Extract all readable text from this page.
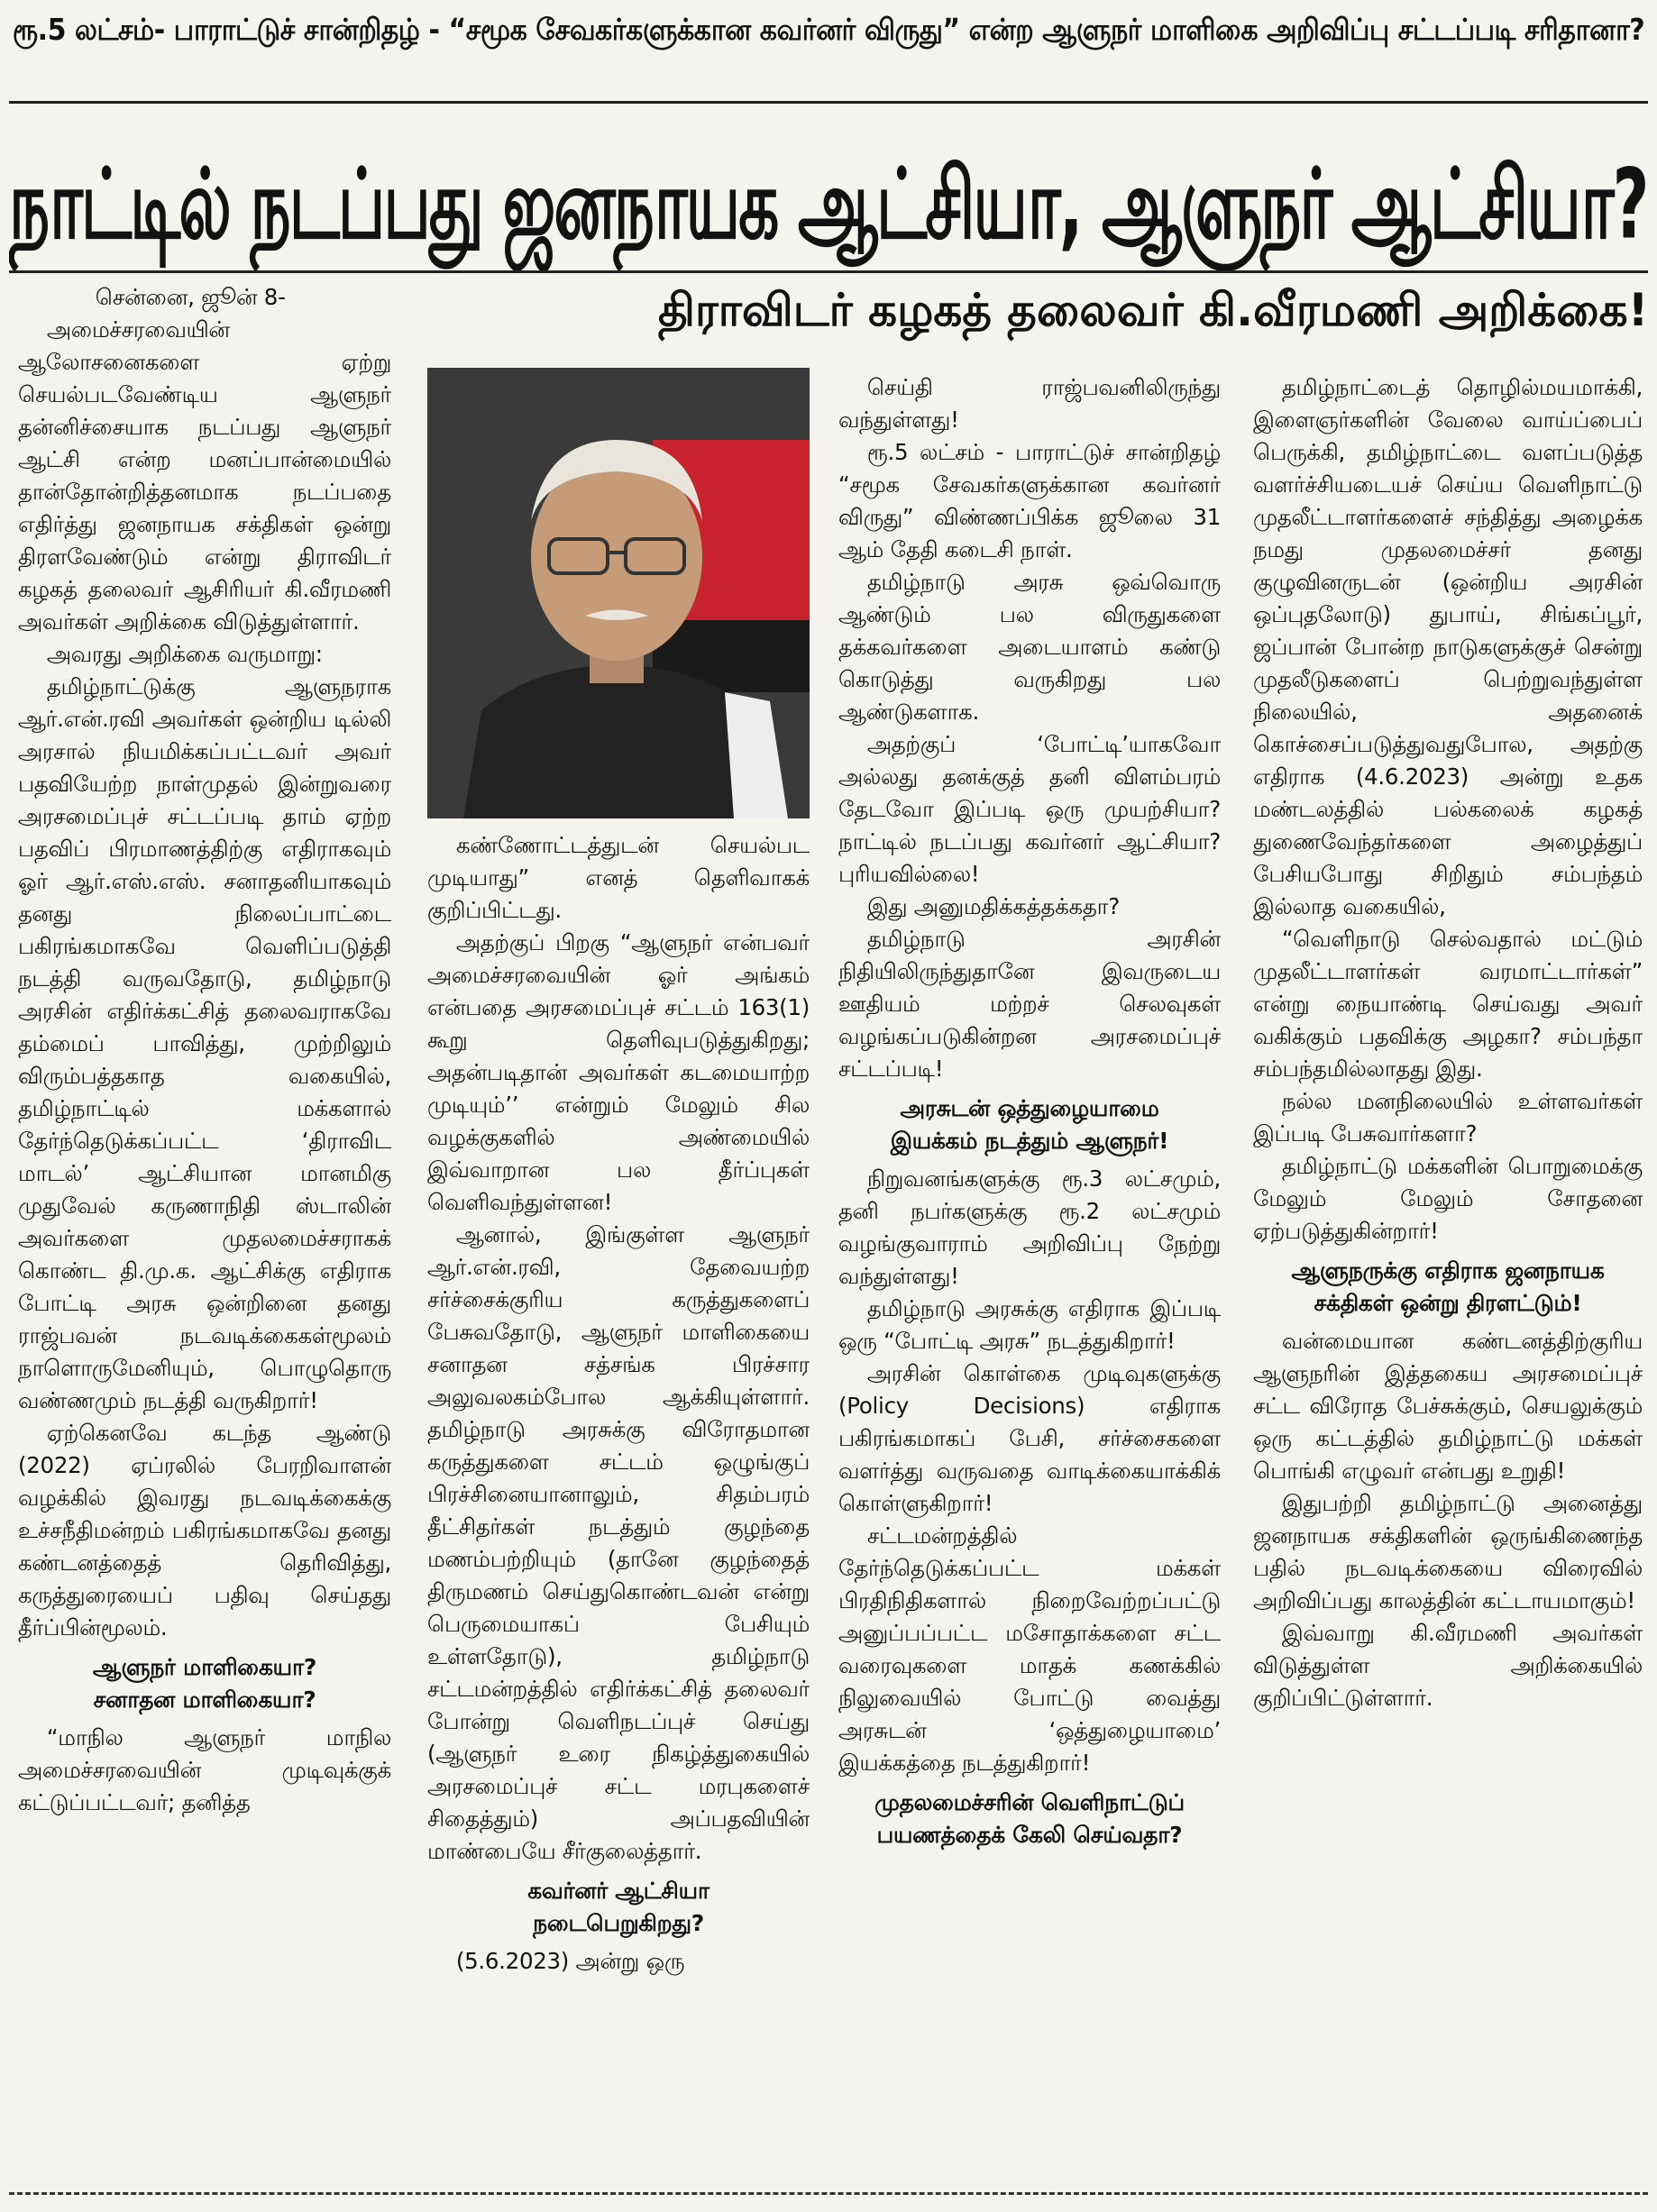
ரூ.5 லட்சம்- பாராட்டுச் சான்றிதழ் - “சமூக சேவகர்களுக்கான கவர்னர் விருது” என்ற ஆளுநர் மாளிகை அறிவிப்பு சட்டப்படி சரிதானா?
நாட்டில் நடப்பது ஜனநாயக ஆட்சியா, ஆளுநர் ஆட்சியா?
திராவிடர் கழகத் தலைவர் கி.வீரமணி அறிக்கை!

சென்னை, ஜூன் 8-

அமைச்சரவையின் ஆலோசனைகளை ஏற்று செயல்படவேண்டிய ஆளுநர் தன்னிச்சையாக நடப்பது ஆளுநர் ஆட்சி என்ற மனப்பான்மையில் தான்தோன்றித்தனமாக நடப்பதை எதிர்த்து ஜனநாயக சக்திகள் ஒன்று திரளவேண்டும் என்று திராவிடர் கழகத் தலைவர் ஆசிரியர் கி.வீரமணி அவர்கள் அறிக்கை விடுத்துள்ளார்.

அவரது அறிக்கை வருமாறு:

தமிழ்நாட்டுக்கு ஆளுநராக ஆர்.என்.ரவி அவர்கள் ஒன்றிய டில்லி அரசால் நியமிக்கப்பட்டவர் அவர் பதவியேற்ற நாள்முதல் இன்றுவரை அரசமைப்புச் சட்டப்படி தாம் ஏற்ற பதவிப் பிரமாணத்திற்கு எதிராகவும் ஓர் ஆர்.எஸ்.எஸ். சனாதனியாகவும் தனது நிலைப்பாட்டை பகிரங்கமாகவே வெளிப்படுத்தி நடத்தி வருவதோடு, தமிழ்நாடு அரசின் எதிர்க்கட்சித் தலைவராகவே தம்மைப் பாவித்து, முற்றிலும் விரும்பத்தகாத வகையில், தமிழ்நாட்டில் மக்களால் தேர்ந்தெடுக்கப்பட்ட ‘திராவிட மாடல்’ ஆட்சியான மானமிகு முதுவேல் கருணாநிதி ஸ்டாலின் அவர்களை முதலமைச்சராகக் கொண்ட தி.மு.க. ஆட்சிக்கு எதிராக போட்டி அரசு ஒன்றினை தனது ராஜ்பவன் நடவடிக்கைகள்மூலம் நாளொருமேனியும், பொழுதொரு வண்ணமும் நடத்தி வருகிறார்!

ஏற்கெனவே கடந்த ஆண்டு (2022) ஏப்ரலில் பேரறிவாளன் வழக்கில் இவரது நடவடிக்கைக்கு உச்சநீதிமன்றம் பகிரங்கமாகவே தனது கண்டனத்தைத் தெரிவித்து, கருத்துரையைப் பதிவு செய்தது தீர்ப்பின்மூலம்.

ஆளுநர் மாளிகையா?
சனாதன மாளிகையா?

“மாநில ஆளுநர் மாநில அமைச்சரவையின் முடிவுக்குக் கட்டுப்பட்டவர்; தனித்த

கண்ணோட்டத்துடன் செயல்பட முடியாது” எனத் தெளிவாகக் குறிப்பிட்டது.

அதற்குப் பிறகு “ஆளுநர் என்பவர் அமைச்சரவையின் ஓர் அங்கம் என்பதை அரசமைப்புச் சட்டம் 163(1) கூறு தெளிவுபடுத்துகிறது; அதன்படிதான் அவர்கள் கடமையாற்ற முடியும்’’ என்றும் மேலும் சில வழக்குகளில் அண்மையில் இவ்வாறான பல தீர்ப்புகள் வெளிவந்துள்ளன!

ஆனால், இங்குள்ள ஆளுநர் ஆர்.என்.ரவி, தேவையற்ற சர்ச்சைக்குரிய கருத்துகளைப் பேசுவதோடு, ஆளுநர் மாளிகையை சனாதன சத்சங்க பிரச்சார அலுவலகம்போல ஆக்கியுள்ளார். தமிழ்நாடு அரசுக்கு விரோதமான கருத்துகளை சட்டம் ஒழுங்குப் பிரச்சினையானாலும், சிதம்பரம் தீட்சிதர்கள் நடத்தும் குழந்தை மணம்பற்றியும் (தானே குழந்தைத் திருமணம் செய்துகொண்டவன் என்று பெருமையாகப் பேசியும் உள்ளதோடு), தமிழ்நாடு சட்டமன்றத்தில் எதிர்க்கட்சித் தலைவர் போன்று வெளிநடப்புச் செய்து (ஆளுநர் உரை நிகழ்த்துகையில் அரசமைப்புச் சட்ட மரபுகளைச் சிதைத்தும்) அப்பதவியின் மாண்பையே சீர்குலைத்தார்.

கவர்னர் ஆட்சியா
நடைபெறுகிறது?

(5.6.2023) அன்று ஒரு

செய்தி ராஜ்பவனிலிருந்து வந்துள்ளது!

ரூ.5 லட்சம் - பாராட்டுச் சான்றிதழ் “சமூக சேவகர்களுக்கான கவர்னர் விருது” விண்ணப்பிக்க ஜூலை 31 ஆம் தேதி கடைசி நாள்.

தமிழ்நாடு அரசு ஒவ்வொரு ஆண்டும் பல விருதுகளை தக்கவர்களை அடையாளம் கண்டு கொடுத்து வருகிறது பல ஆண்டுகளாக.

அதற்குப் ‘போட்டி’யாகவோ அல்லது தனக்குத் தனி விளம்பரம் தேடவோ இப்படி ஒரு முயற்சியா? நாட்டில் நடப்பது கவர்னர் ஆட்சியா? புரியவில்லை!

இது அனுமதிக்கத்தக்கதா?

தமிழ்நாடு அரசின் நிதியிலிருந்துதானே இவருடைய ஊதியம் மற்றச் செலவுகள் வழங்கப்படுகின்றன அரசமைப்புச் சட்டப்படி!

அரசுடன் ஒத்துழையாமை
இயக்கம் நடத்தும் ஆளுநர்!

நிறுவனங்களுக்கு ரூ.3 லட்சமும், தனி நபர்களுக்கு ரூ.2 லட்சமும் வழங்குவாராம் அறிவிப்பு நேற்று வந்துள்ளது!

தமிழ்நாடு அரசுக்கு எதிராக இப்படி ஒரு “போட்டி அரசு” நடத்துகிறார்!

அரசின் கொள்கை முடிவுகளுக்கு (Policy Decisions) எதிராக பகிரங்கமாகப் பேசி, சர்ச்சைகளை வளர்த்து வருவதை வாடிக்கையாக்கிக் கொள்ளுகிறார்!

சட்டமன்றத்தில் தேர்ந்தெடுக்கப்பட்ட மக்கள் பிரதிநிதிகளால் நிறைவேற்றப்பட்டு அனுப்பப்பட்ட மசோதாக்களை சட்ட வரைவுகளை மாதக் கணக்கில் நிலுவையில் போட்டு வைத்து அரசுடன் ‘ஒத்துழையாமை’ இயக்கத்தை நடத்துகிறார்!

முதலமைச்சரின் வெளிநாட்டுப்
பயணத்தைக் கேலி செய்வதா?

தமிழ்நாட்டைத் தொழில்மயமாக்கி, இளைஞர்களின் வேலை வாய்ப்பைப் பெருக்கி, தமிழ்நாட்டை வளப்படுத்த வளர்ச்சியடையச் செய்ய வெளிநாட்டு முதலீட்டாளர்களைச் சந்தித்து அழைக்க நமது முதலமைச்சர் தனது குழுவினருடன் (ஒன்றிய அரசின் ஒப்புதலோடு) துபாய், சிங்கப்பூர், ஜப்பான் போன்ற நாடுகளுக்குச் சென்று முதலீடுகளைப் பெற்றுவந்துள்ள நிலையில், அதனைக் கொச்சைப்படுத்துவதுபோல, அதற்கு எதிராக (4.6.2023) அன்று உதக மண்டலத்தில் பல்கலைக் கழகத் துணைவேந்தர்களை அழைத்துப் பேசியபோது சிறிதும் சம்பந்தம் இல்லாத வகையில்,

“வெளிநாடு செல்வதால் மட்டும் முதலீட்டாளர்கள் வரமாட்டார்கள்” என்று நையாண்டி செய்வது அவர் வகிக்கும் பதவிக்கு அழகா? சம்பந்தா சம்பந்தமில்லாதது இது.

நல்ல மனநிலையில் உள்ளவர்கள் இப்படி பேசுவார்களா?

தமிழ்நாட்டு மக்களின் பொறுமைக்கு மேலும் மேலும் சோதனை ஏற்படுத்துகின்றார்!

ஆளுநருக்கு எதிராக ஜனநாயக
சக்திகள் ஒன்று திரளட்டும்!

வன்மையான கண்டனத்திற்குரிய ஆளுநரின் இத்தகைய அரசமைப்புச் சட்ட விரோத பேச்சுக்கும், செயலுக்கும் ஒரு கட்டத்தில் தமிழ்நாட்டு மக்கள் பொங்கி எழுவர் என்பது உறுதி!

இதுபற்றி தமிழ்நாட்டு அனைத்து ஜனநாயக சக்திகளின் ஒருங்கிணைந்த பதில் நடவடிக்கையை விரைவில் அறிவிப்பது காலத்தின் கட்டாயமாகும்!

இவ்வாறு கி.வீரமணி அவர்கள் விடுத்துள்ள அறிக்கையில் குறிப்பிட்டுள்ளார்.
